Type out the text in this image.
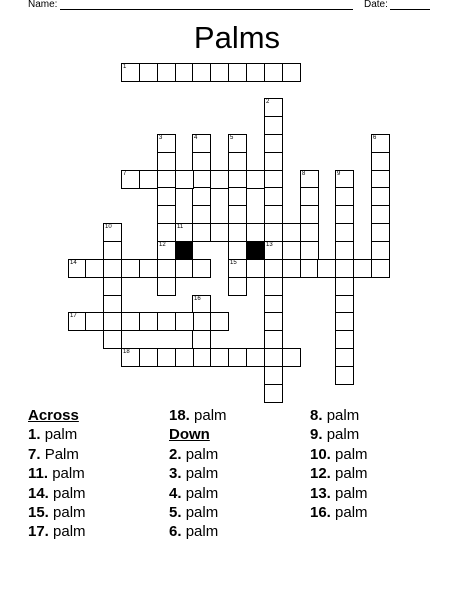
Name:	Date:
Palms
1
2
13
3
12
4	5
15
6
7	8	9
10	11
14
16
17
18
Across
1. palm
7. Palm
11. palm
14. palm
15. palm
17. palm
18. palm
Down
2. palm
3. palm
4. palm
5. palm
6. palm
8. palm
9. palm
10. palm
12. palm
13. palm
16. palm
